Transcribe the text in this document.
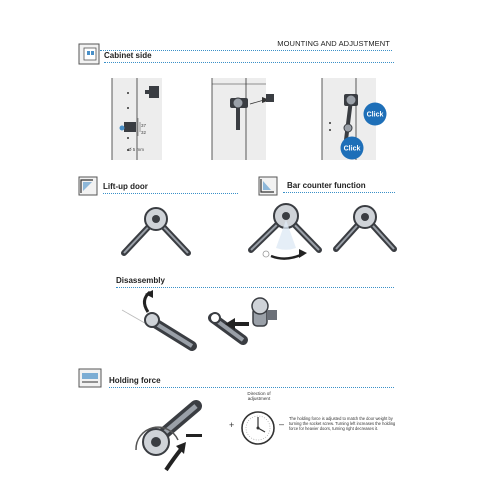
MOUNTING AND ADJUSTMENT
Cabinet side
37
32
Ø 5 mm
Click
Click
Lift-up door	Bar counter function
Disassembly
Holding force
Direction of adjustment
+	–
The holding force is adjusted to match the door weight by turning the socket screw. Turning left increases the holding force for heavier doors, turning right decreases it.
